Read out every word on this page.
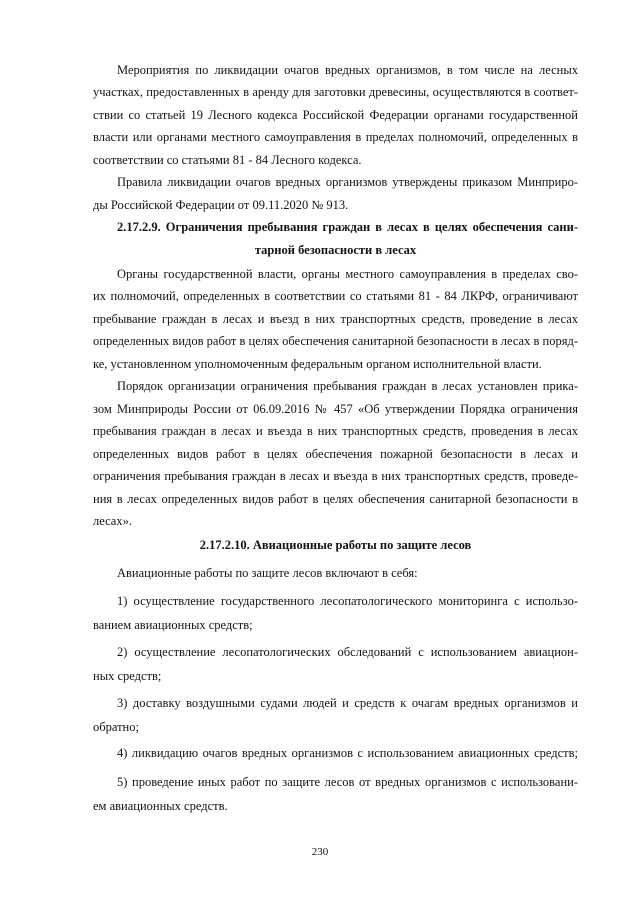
Мероприятия по ликвидации очагов вредных организмов, в том числе на лесных
участках, предоставленных в аренду для заготовки древесины, осуществляются в соответ-
ствии со статьей 19 Лесного кодекса Российской Федерации органами государственной
власти или органами местного самоуправления в пределах полномочий, определенных в
соответствии со статьями 81 - 84 Лесного кодекса.
Правила ликвидации очагов вредных организмов утверждены приказом Минприро-
ды Российской Федерации от 09.11.2020 № 913.
2.17.2.9. Ограничения пребывания граждан в лесах в целях обеспечения сани-
тарной безопасности в лесах
Органы государственной власти, органы местного самоуправления в пределах сво-
их полномочий, определенных в соответствии со статьями 81 - 84 ЛКРФ, ограничивают
пребывание граждан в лесах и въезд в них транспортных средств, проведение в лесах
определенных видов работ в целях обеспечения санитарной безопасности в лесах в поряд-
ке, установленном уполномоченным федеральным органом исполнительной власти.
Порядок организации ограничения пребывания граждан в лесах установлен прика-
зом Минприроды России от 06.09.2016 № 457 «Об утверждении Порядка ограничения
пребывания граждан в лесах и въезда в них транспортных средств, проведения в лесах
определенных видов работ в целях обеспечения пожарной безопасности в лесах и
ограничения пребывания граждан в лесах и въезда в них транспортных средств, проведе-
ния в лесах определенных видов работ в целях обеспечения санитарной безопасности в
лесах».
2.17.2.10. Авиационные работы по защите лесов
Авиационные работы по защите лесов включают в себя:
1) осуществление государственного лесопатологического мониторинга с использо-
ванием авиационных средств;
2) осуществление лесопатологических обследований с использованием авиацион-
ных средств;
3) доставку воздушными судами людей и средств к очагам вредных организмов и
обратно;
4) ликвидацию очагов вредных организмов с использованием авиационных средств;
5) проведение иных работ по защите лесов от вредных организмов с использовани-
ем авиационных средств.
230
